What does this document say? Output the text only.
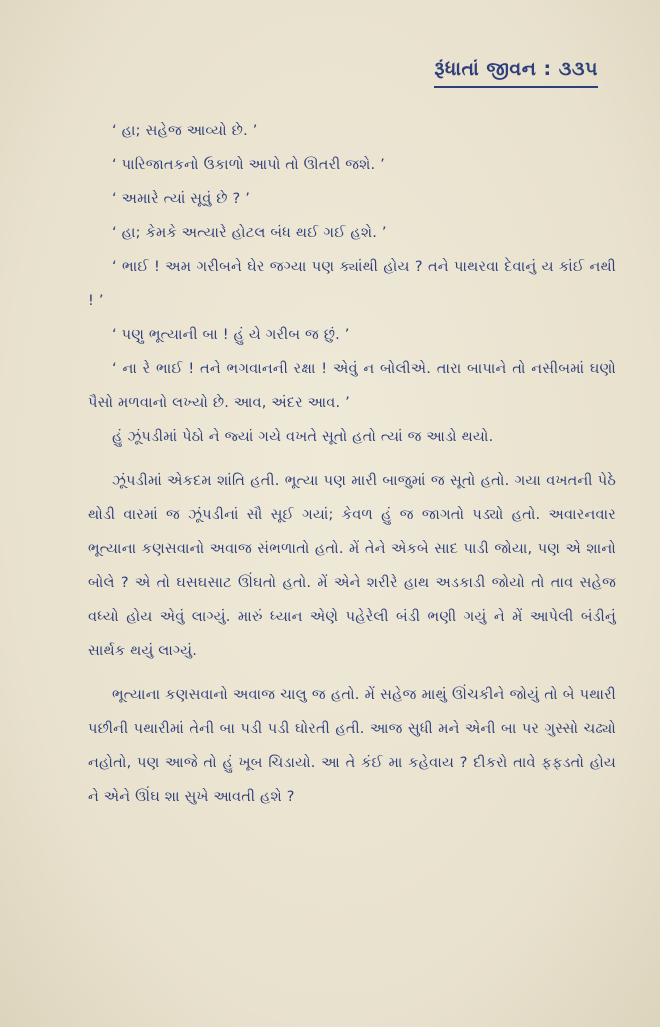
રૂંધાતાં જીવન : ૩૩૫

‘ હા; સહેજ આવ્યો છે. ’

‘ પારિજાતકનો ઉકાળો આપો તો ઊતરી જશે. ’

‘ અમારે ત્યાં સૂવું છે ? ’

‘ હા; કેમકે અત્યારે હોટલ બંધ થઈ ગઈ હશે. ’

‘ ભાઈ ! અમ ગરીબને ઘેર જગ્યા પણ ક્યાંથી હોય ? તને પાથરવા દેવાનું ય કાંઈ નથી ! ’

‘ પણુ ભૂત્યાની બા ! હું યે ગરીબ જ છું. ’

‘ ના રે ભાઈ ! તને ભગવાનની રક્ષા ! એવું ન બોલીએ. તારા બાપાને તો નસીબમાં ઘણો પૈસો મળવાનો લખ્યો છે. આવ, અંદર આવ. ’

હું ઝૂંપડીમાં પેઠો ને જ્યાં ગયે વખતે સૂતો હતો ત્યાં જ આડો થયો.

ઝૂંપડીમાં એકદમ શાંતિ હતી. ભૂત્યા પણ મારી બાજુમાં જ સૂતો હતો. ગયા વખતની પેઠે થોડી વારમાં જ ઝૂંપડીનાં સૌ સૂઈ ગયાં; કેવળ હું જ જાગતો પડ્યો હતો. અવારનવાર ભૂત્યાના કણસવાનો અવાજ સંભળાતો હતો. મેં તેને એકબે સાદ પાડી જોયા, પણ એ શાનો બોલે ? એ તો ઘસઘસાટ ઊંઘતો હતો. મેં એને શરીરે હાથ અડકાડી જોયો તો તાવ સહેજ વધ્યો હોય એવું લાગ્યું. મારું ધ્યાન એણે પહેરેલી બંડી ભણી ગયું ને મેં આપેલી બંડીનું સાર્થક થયું લાગ્યું.

ભૂત્યાના કણસવાનો અવાજ ચાલુ જ હતો. મેં સહેજ માથું ઊંચકીને જોયું તો બે પથારી પછીની પથારીમાં તેની બા પડી પડી ઘોરતી હતી. આજ સુધી મને એની બા પર ગુસ્સો ચઢ્યો નહોતો, પણ આજે તો હું ખૂબ ચિડાયો. આ તે કંઈ મા કહેવાય ? દીકરો તાવે ફફડતો હોય ને એને ઊંઘ શા સુખે આવતી હશે ?
